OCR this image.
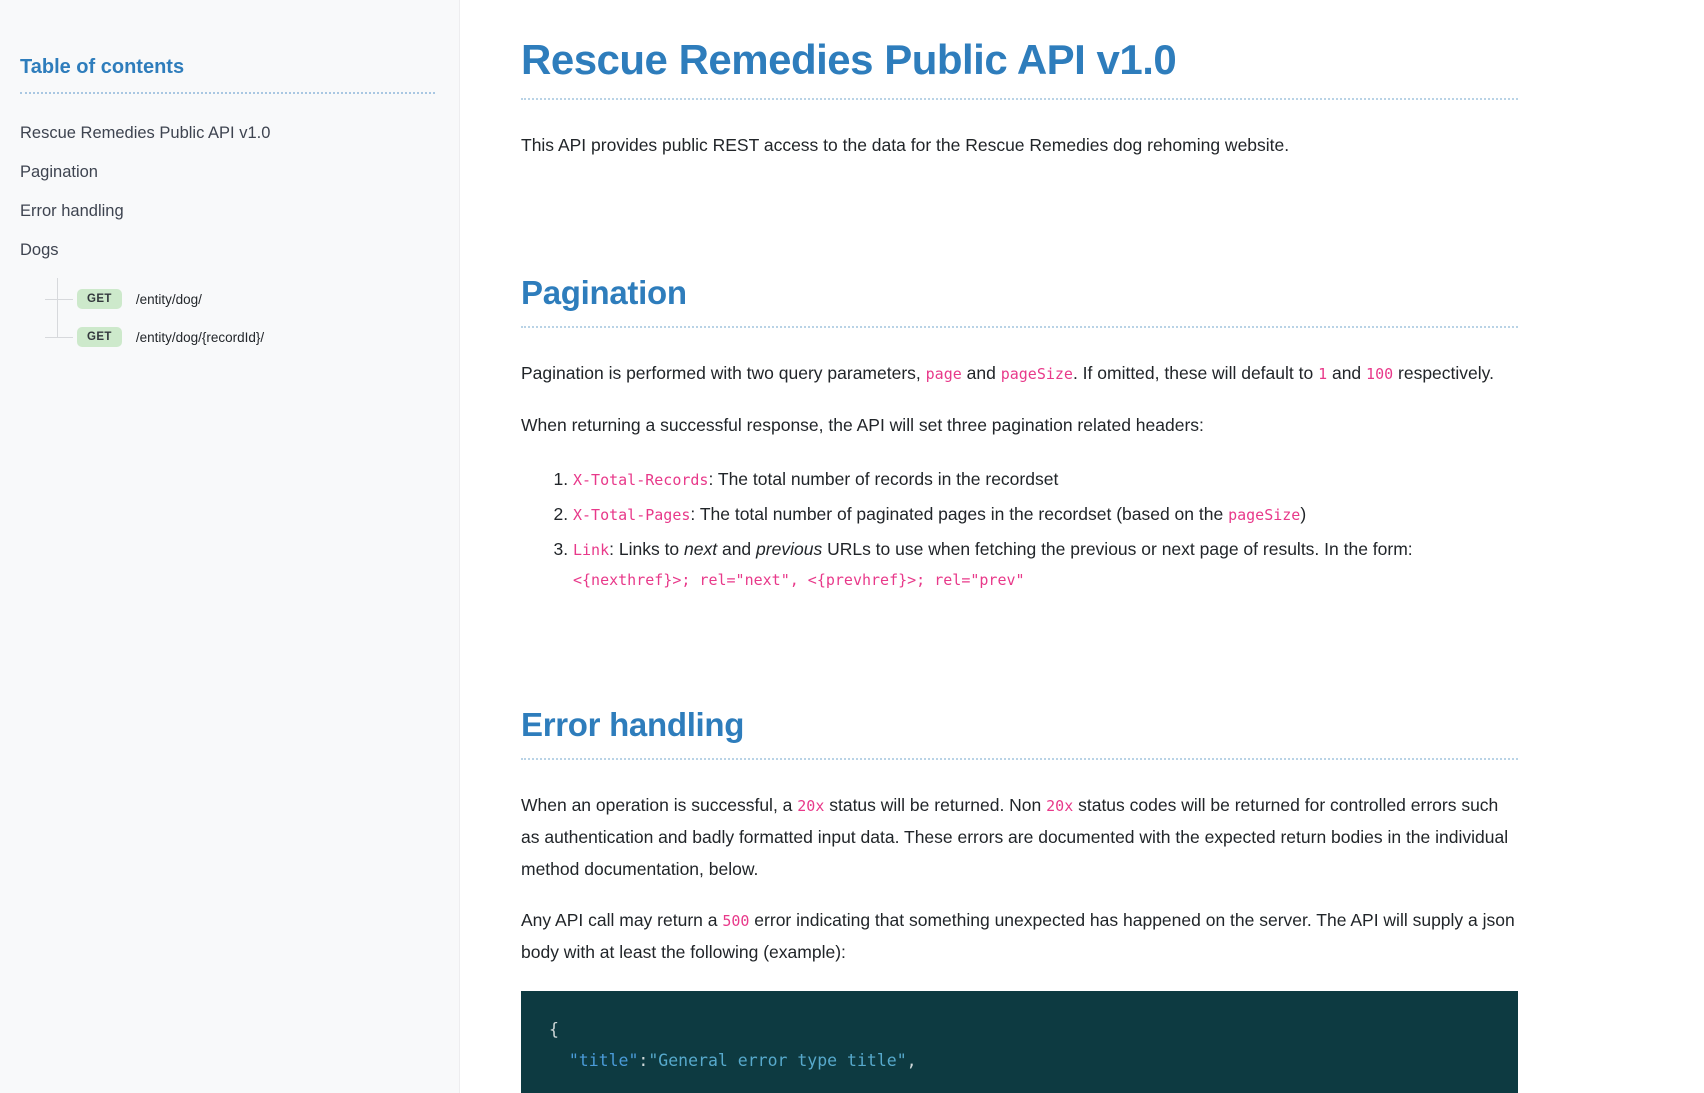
Table of contents
Rescue Remedies Public API v1.0
Pagination
Error handling
Dogs
GET	/entity/dog/
GET	/entity/dog/{recordId}/
Rescue Remedies Public API v1.0

This API provides public REST access to the data for the Rescue Remedies dog rehoming website.

Pagination

Pagination is performed with two query parameters, page and pageSize. If omitted, these will default to 1 and 100 respectively.

When returning a successful response, the API will set three pagination related headers:

1. X-Total-Records: The total number of records in the recordset
2. X-Total-Pages: The total number of paginated pages in the recordset (based on the pageSize)
3. Link: Links to next and previous URLs to use when fetching the previous or next page of results. In the form:
<{nexthref}>; rel="next", <{prevhref}>; rel="prev"
Error handling

When an operation is successful, a 20x status will be returned. Non 20x status codes will be returned for controlled errors such as authentication and badly formatted input data. These errors are documented with the expected return bodies in the individual method documentation, below.

Any API call may return a 500 error indicating that something unexpected has happened on the server. The API will supply a json body with at least the following (example):

{
"title":"General error type title",
